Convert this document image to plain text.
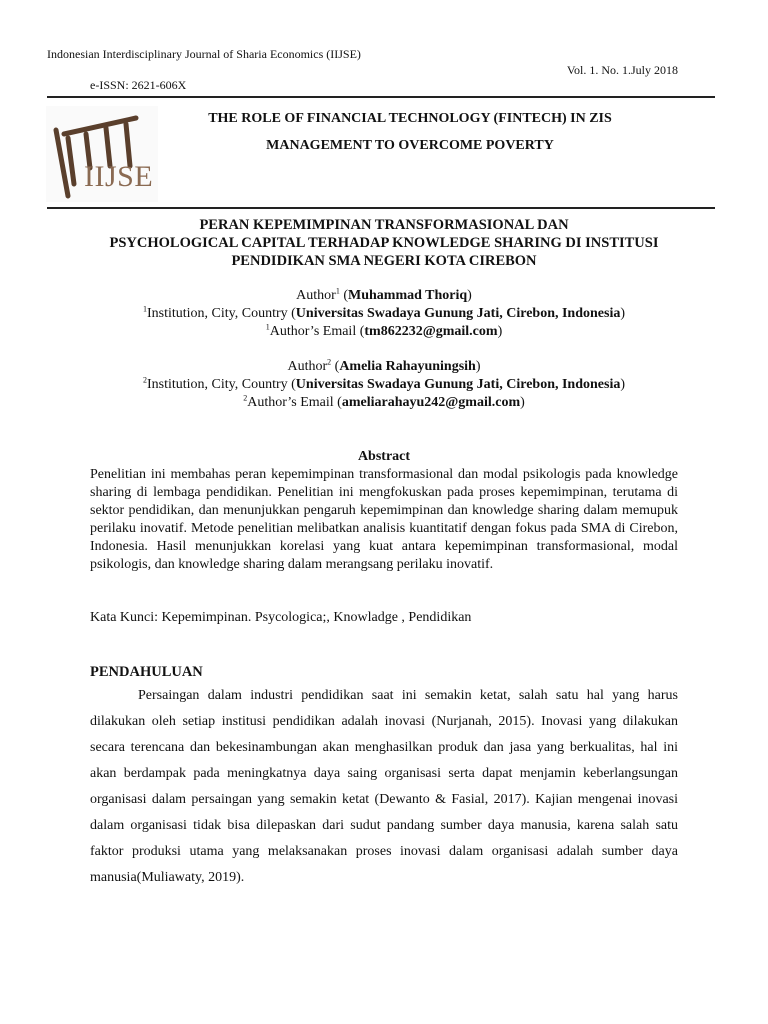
Indonesian Interdisciplinary Journal of Sharia Economics (IIJSE)
Vol. 1. No. 1.July 2018
e-ISSN: 2621-606X
IIJSE
THE ROLE OF FINANCIAL TECHNOLOGY (FINTECH) IN ZIS
MANAGEMENT TO OVERCOME POVERTY
PERAN KEPEMIMPINAN TRANSFORMASIONAL DAN
PSYCHOLOGICAL CAPITAL TERHADAP KNOWLEDGE SHARING DI INSTITUSI
PENDIDIKAN SMA NEGERI KOTA CIREBON
Author$^1$ (Muhammad Thoriq)
$^1$Institution, City, Country (Universitas Swadaya Gunung Jati, Cirebon, Indonesia)
$^1$Author’s Email (tm862232@gmail.com)
Author$^2$ (Amelia Rahayuningsih)
$^2$Institution, City, Country (Universitas Swadaya Gunung Jati, Cirebon, Indonesia)
$^2$Author’s Email (ameliarahayu242@gmail.com)
Abstract
Penelitian ini membahas peran kepemimpinan transformasional dan modal psikologis pada knowledge sharing di lembaga pendidikan. Penelitian ini mengfokuskan pada proses kepemimpinan, terutama di sektor pendidikan, dan menunjukkan pengaruh kepemimpinan dan knowledge sharing dalam memupuk perilaku inovatif. Metode penelitian melibatkan analisis kuantitatif dengan fokus pada SMA di Cirebon, Indonesia. Hasil menunjukkan korelasi yang kuat antara kepemimpinan transformasional, modal psikologis, dan knowledge sharing dalam merangsang perilaku inovatif.
Kata Kunci: Kepemimpinan. Psycologica;, Knowladge , Pendidikan
PENDAHULUAN
Persaingan dalam industri pendidikan saat ini semakin ketat, salah satu hal yang harus dilakukan oleh setiap institusi pendidikan adalah inovasi (Nurjanah, 2015). Inovasi yang dilakukan secara terencana dan bekesinambungan akan menghasilkan produk dan jasa yang berkualitas, hal ini akan berdampak pada meningkatnya daya saing organisasi serta dapat menjamin keberlangsungan organisasi dalam persaingan yang semakin ketat (Dewanto & Fasial, 2017). Kajian mengenai inovasi dalam organisasi tidak bisa dilepaskan dari sudut pandang sumber daya manusia, karena salah satu faktor produksi utama yang melaksanakan proses inovasi dalam organisasi adalah sumber daya manusia(Muliawaty, 2019).
